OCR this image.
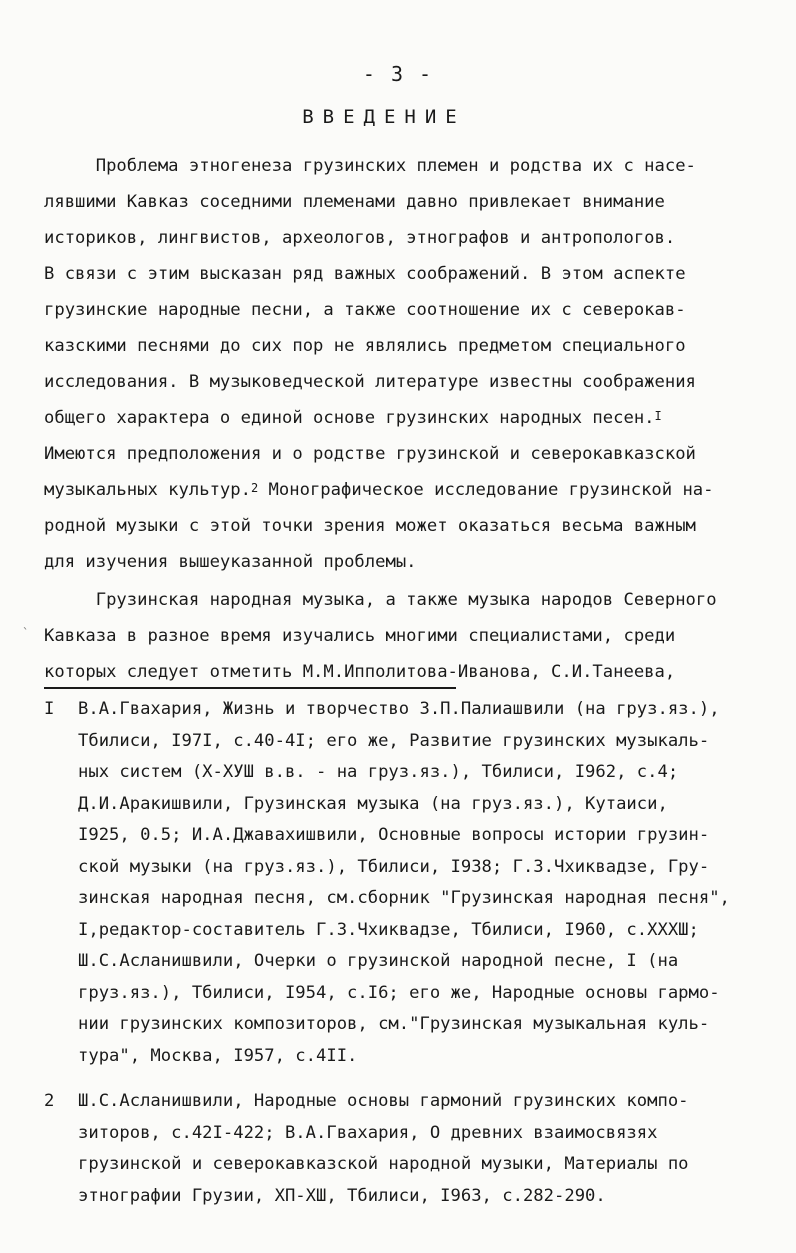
- 3 -
ВВЕДЕНИЕ
`
Проблема этногенеза грузинских племен и родства их с насе-
лявшими Кавказ соседними племенами давно привлекает внимание
историков, лингвистов, археологов, этнографов и антропологов.
В связи с этим высказан ряд важных соображений. В этом аспекте
грузинские народные песни, а также соотношение их с северокав-
казскими песнями до сих пор не являлись предметом специального
исследования. В музыковедческой литературе известны соображения
общего характера о единой основе грузинских народных песен.$^I$
Имеются предположения и о родстве грузинской и северокавказской
музыкальных культур.$^2$ Монографическое исследование грузинской на-
родной музыки с этой точки зрения может оказаться весьма важным
для изучения вышеуказанной проблемы.
Грузинская народная музыка, а также музыка народов Северного
Кавказа в разное время изучались многими специалистами, среди
которых следует отметить М.М.Ипполитова-Иванова, С.И.Танеева,
I В.А.Гвахария, Жизнь и творчество З.П.Палиашвили (на груз.яз.),
Тбилиси, I97I, с.40-4I; его же, Развитие грузинских музыкаль-
ных систем (X-XУШ в.в. - на груз.яз.), Тбилиси, I962, с.4;
Д.И.Аракишвили, Грузинская музыка (на груз.яз.), Кутаиси,
I925, 0.5; И.А.Джавахишвили, Основные вопросы истории грузин-
ской музыки (на груз.яз.), Тбилиси, I938; Г.З.Чхиквадзе, Гру-
зинская народная песня, см.сборник "Грузинская народная песня",
I,редактор-составитель Г.З.Чхиквадзе, Тбилиси, I960, с.XXXШ;
Ш.С.Асланишвили, Очерки о грузинской народной песне, I (на
груз.яз.), Тбилиси, I954, с.I6; его же, Народные основы гармо-
нии грузинских композиторов, см."Грузинская музыкальная куль-
тура", Москва, I957, с.4II.
2 Ш.С.Асланишвили, Народные основы гармоний грузинских компо-
зиторов, с.42I-422; В.А.Гвахария, О древних взаимосвязях
грузинской и северокавказской народной музыки, Материалы по
этнографии Грузии, XП-XШ, Тбилиси, I963, с.282-290.
